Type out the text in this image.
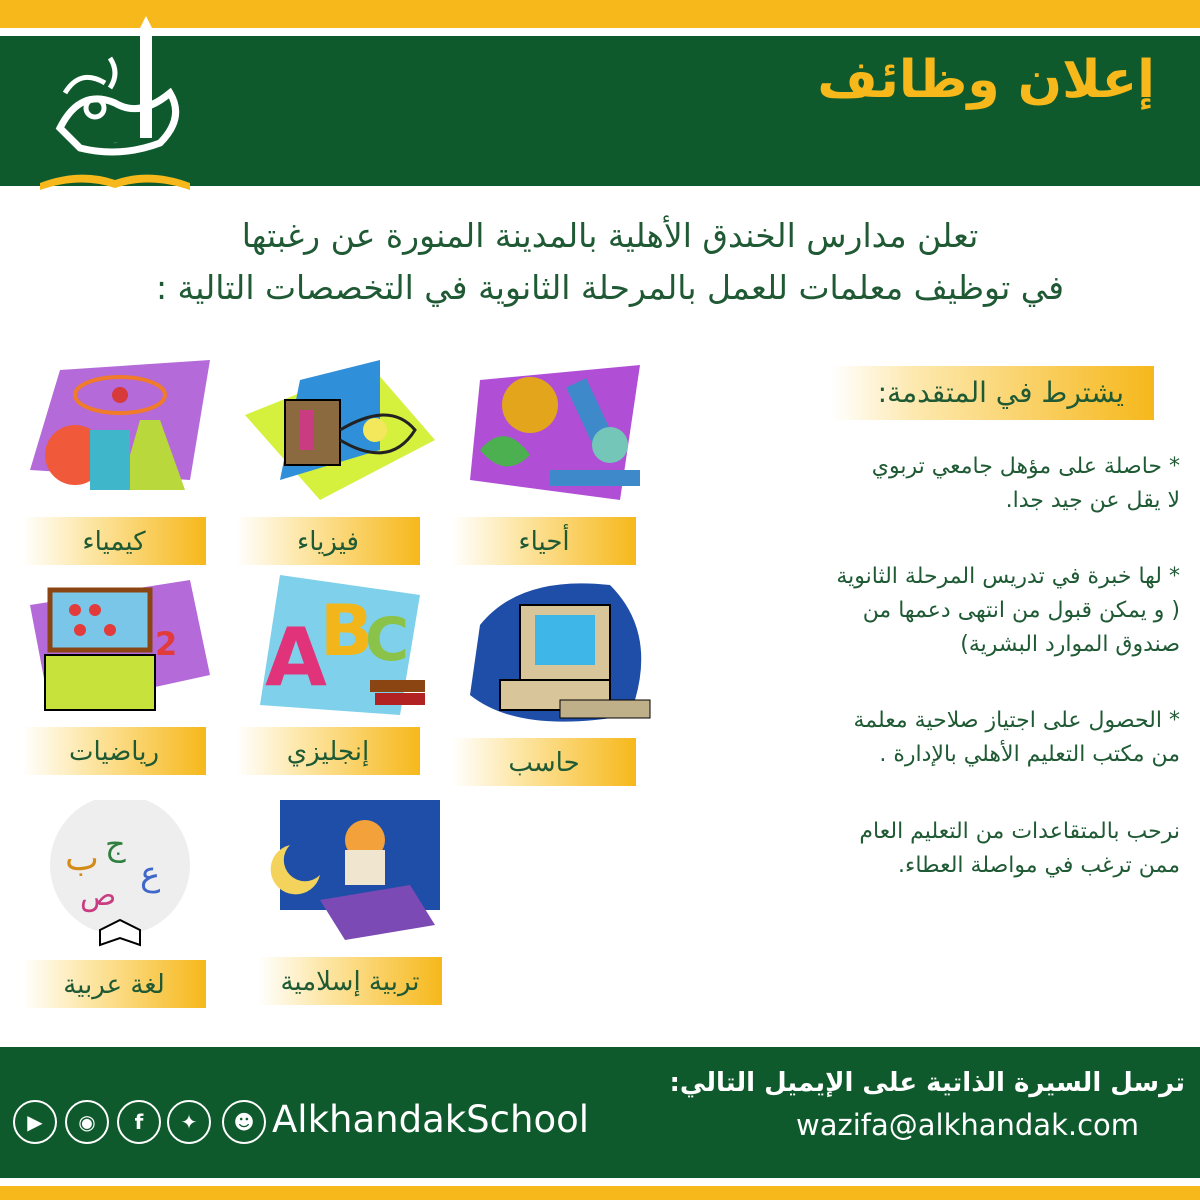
الخندق
إعلان وظائف
تعلن مدارس الخندق الأهلية بالمدينة المنورة عن رغبتها
في توظيف معلمات للعمل بالمرحلة الثانوية في التخصصات التالية :
يشترط في المتقدمة:
* حاصلة على مؤهل جامعي تربوي
لا يقل عن جيد جدا.
* لها خبرة في تدريس المرحلة الثانوية
( و يمكن قبول من انتهى دعمها من
صندوق الموارد البشرية)
* الحصول على اجتياز صلاحية معلمة
من مكتب التعليم الأهلي بالإدارة .
نرحب بالمتقاعدات من التعليم العام
ممن ترغب في مواصلة العطاء.
A
B
C
2
ب ج
ع
ص
أحياء
فيزياء
كيمياء
حاسب
إنجليزي
رياضيات
تربية إسلامية
لغة عربية
ترسل السيرة الذاتية على الإيميل التالي:
wazifa@alkhandak.com
AlkhandakSchool
☻
✦
f
◉
▶
